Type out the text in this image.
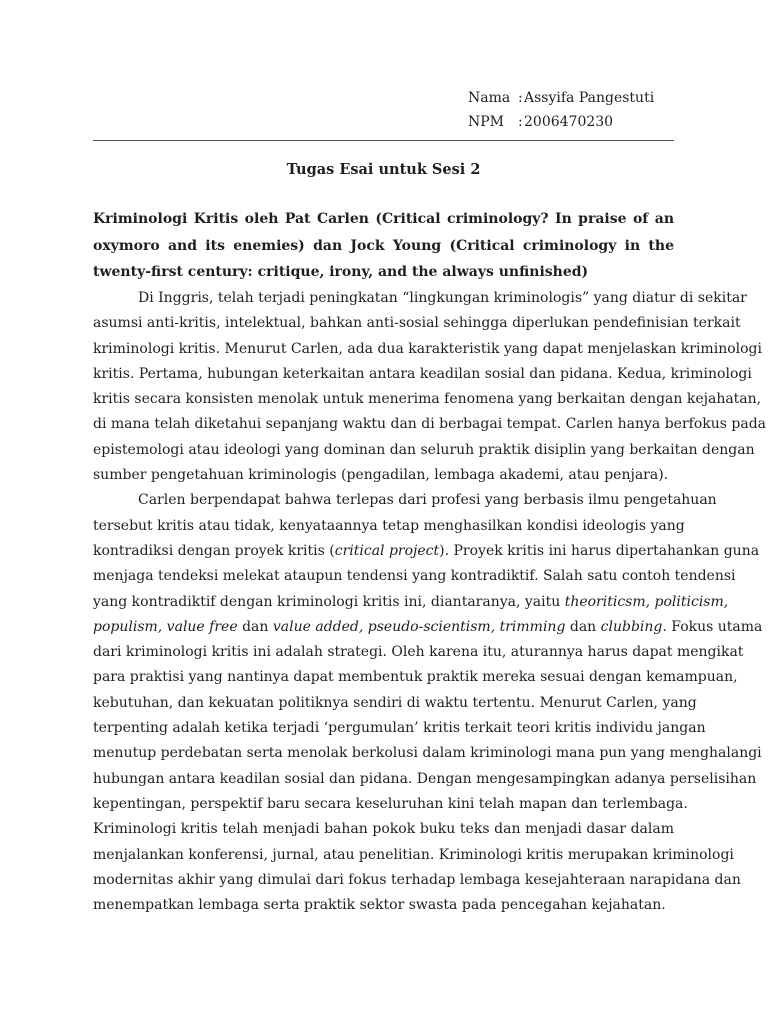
Nama : Assyifa Pangestuti
NPM : 2006470230
Tugas Esai untuk Sesi 2
Kriminologi Kritis oleh Pat Carlen (Critical criminology? In praise of an oxymoro and its enemies) dan Jock Young (Critical criminology in the twenty-first century: critique, irony, and the always unfinished)
Di Inggris, telah terjadi peningkatan “lingkungan kriminologis” yang diatur di sekitar
asumsi anti-kritis, intelektual, bahkan anti-sosial sehingga diperlukan pendefinisian terkait
kriminologi kritis. Menurut Carlen, ada dua karakteristik yang dapat menjelaskan kriminologi
kritis. Pertama, hubungan keterkaitan antara keadilan sosial dan pidana. Kedua, kriminologi
kritis secara konsisten menolak untuk menerima fenomena yang berkaitan dengan kejahatan,
di mana telah diketahui sepanjang waktu dan di berbagai tempat. Carlen hanya berfokus pada
epistemologi atau ideologi yang dominan dan seluruh praktik disiplin yang berkaitan dengan
sumber pengetahuan kriminologis (pengadilan, lembaga akademi, atau penjara).
Carlen berpendapat bahwa terlepas dari profesi yang berbasis ilmu pengetahuan
tersebut kritis atau tidak, kenyataannya tetap menghasilkan kondisi ideologis yang
kontradiksi dengan proyek kritis (critical project). Proyek kritis ini harus dipertahankan guna
menjaga tendeksi melekat ataupun tendensi yang kontradiktif. Salah satu contoh tendensi
yang kontradiktif dengan kriminologi kritis ini, diantaranya, yaitu theoriticsm, politicism,
populism, value free dan value added, pseudo-scientism, trimming dan clubbing. Fokus utama
dari kriminologi kritis ini adalah strategi. Oleh karena itu, aturannya harus dapat mengikat
para praktisi yang nantinya dapat membentuk praktik mereka sesuai dengan kemampuan,
kebutuhan, dan kekuatan politiknya sendiri di waktu tertentu. Menurut Carlen, yang
terpenting adalah ketika terjadi ‘pergumulan’ kritis terkait teori kritis individu jangan
menutup perdebatan serta menolak berkolusi dalam kriminologi mana pun yang menghalangi
hubungan antara keadilan sosial dan pidana. Dengan mengesampingkan adanya perselisihan
kepentingan, perspektif baru secara keseluruhan kini telah mapan dan terlembaga.
Kriminologi kritis telah menjadi bahan pokok buku teks dan menjadi dasar dalam
menjalankan konferensi, jurnal, atau penelitian. Kriminologi kritis merupakan kriminologi
modernitas akhir yang dimulai dari fokus terhadap lembaga kesejahteraan narapidana dan
menempatkan lembaga serta praktik sektor swasta pada pencegahan kejahatan.
